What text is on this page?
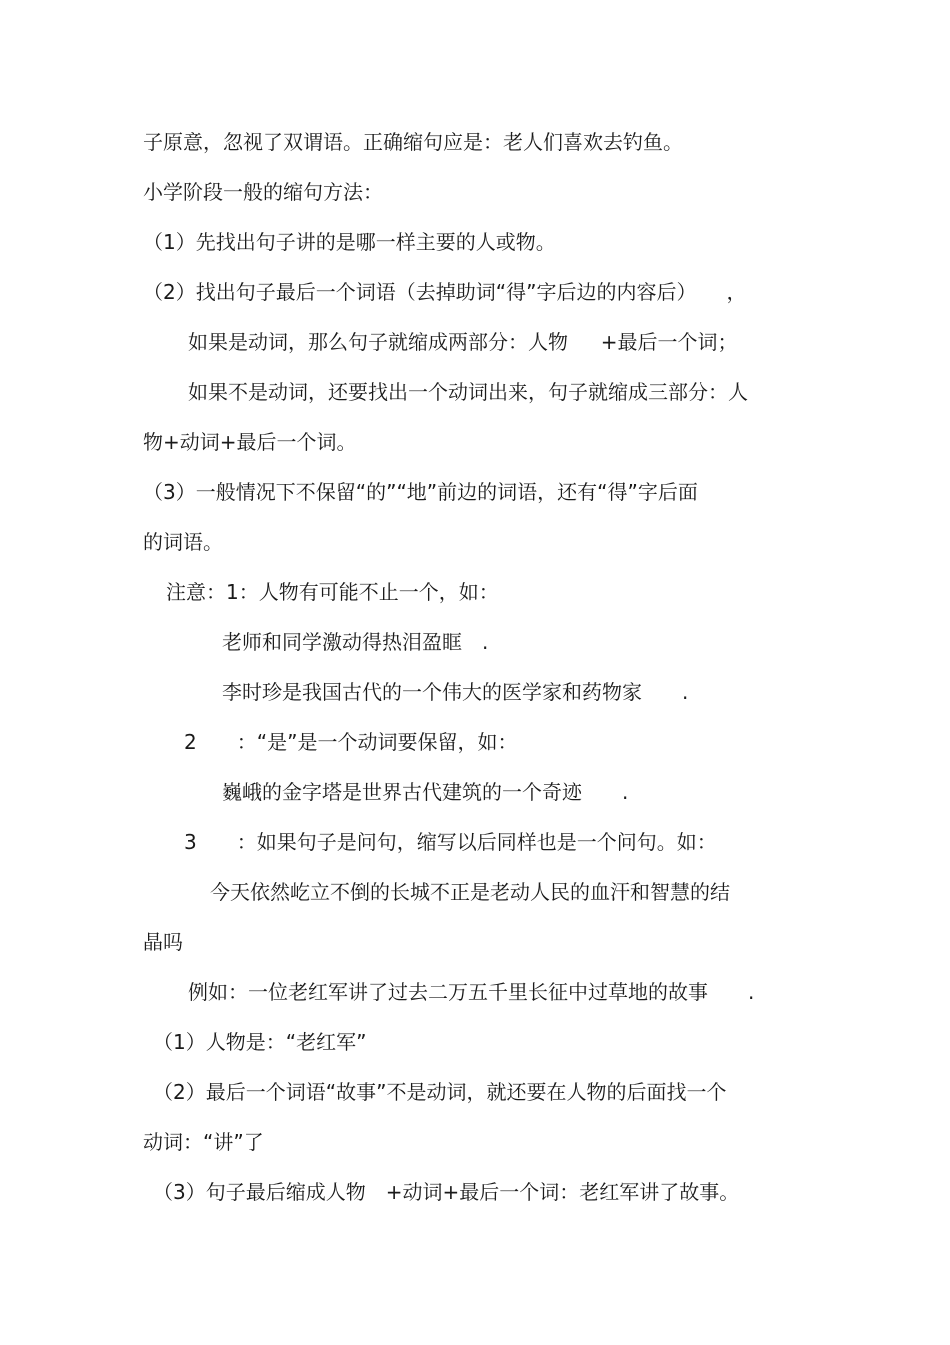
子原意，忽视了双谓语。正确缩句应是：老人们喜欢去钓鱼。
小学阶段一般的缩句方法：
（1）先找出句子讲的是哪一样主要的人或物。
（2）找出句子最后一个词语（去掉助词“得”字后边的内容后）　　，
如果是动词，那么句子就缩成两部分：人物　  +最后一个词；
如果不是动词，还要找出一个动词出来，句子就缩成三部分：人
物+动词+最后一个词。
（3）一般情况下不保留“的”“地”前边的词语，还有“得”字后面
的词语。
注意：1：人物有可能不止一个，如：
老师和同学激动得热泪盈眶　.
李时珍是我国古代的一个伟大的医学家和药物家　　.
2　　：“是”是一个动词要保留，如：
巍峨的金字塔是世界古代建筑的一个奇迹　　.
3　　：如果句子是问句，缩写以后同样也是一个问句。如：
今天依然屹立不倒的长城不正是老动人民的血汗和智慧的结
晶吗
例如：一位老红军讲了过去二万五千里长征中过草地的故事　　.
（1）人物是：“老红军”
（2）最后一个词语“故事”不是动词，就还要在人物的后面找一个
动词：“讲”了
（3）句子最后缩成人物　+动词+最后一个词：老红军讲了故事。
